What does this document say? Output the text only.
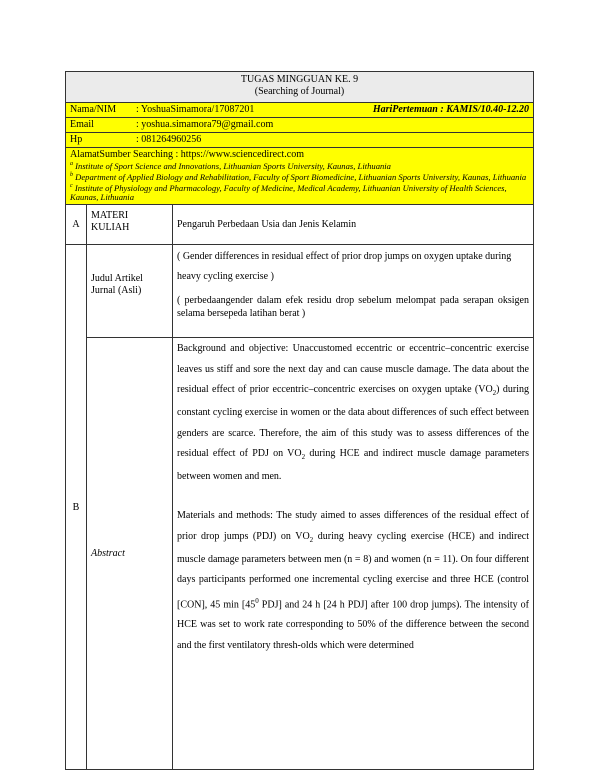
TUGAS MINGGUAN KE. 9
(Searching of Journal)		

Nama/NIM : YoshuaSimamora/17087201 HariPertemuan : KAMIS/10.40-12.20		

Email : yoshua.simamora79@gmail.com		
Hp : 081264960256		

AlamatSumber Searching : https://www.sciencedirect.com
$^a$ Institute of Sport Science and Innovations, Lithuanian Sports University, Kaunas, Lithuania
$^b$ Department of Applied Biology and Rehabilitation, Faculty of Sport Biomedicine, Lithuanian Sports University, Kaunas, Lithuania
$^c$ Institute of Physiology and Pharmacology, Faculty of Medicine, Medical Academy, Lithuanian University of Health Sciences, Kaunas, Lithuania		

A	MATERI KULIAH	Pengaruh Perbedaan Usia dan Jenis Kelamin
B	Judul Artikel Jurnal (Asli)	( Gender differences in residual effect of prior drop jumps on oxygen uptake during heavy cycling exercise )
( perbedaangender dalam efek residu drop sebelum melompat pada serapan oksigen selama bersepeda latihan berat )

	Abstract	Background and objective: Unaccustomed eccentric or eccentric–concentric exercise leaves us stiff and sore the next day and can cause muscle damage. The data about the residual effect of prior eccentric–concentric exercises on oxygen uptake $(VO_2)$ during constant cycling exercise in women or the data about differences of such effect between genders are scarce. Therefore, the aim of this study was to assess differences of the residual effect of PDJ on $VO_2$ during HCE and indirect muscle damage parameters between women and men.
Materials and methods: The study aimed to asses differences of the residual effect of prior drop jumps (PDJ) on $VO_2$ during heavy cycling exercise (HCE) and indirect muscle damage parameters between men (n = 8) and women (n = 11). On four different days participants performed one incremental cycling exercise and three HCE (control [CON], 45 $\min [45^0$ PDJ] and 24 h [24 h PDJ] after 100 drop jumps). The intensity of HCE was set to work rate corresponding to 50% of the difference between the second and the first ventilatory thresh-olds which were determined
